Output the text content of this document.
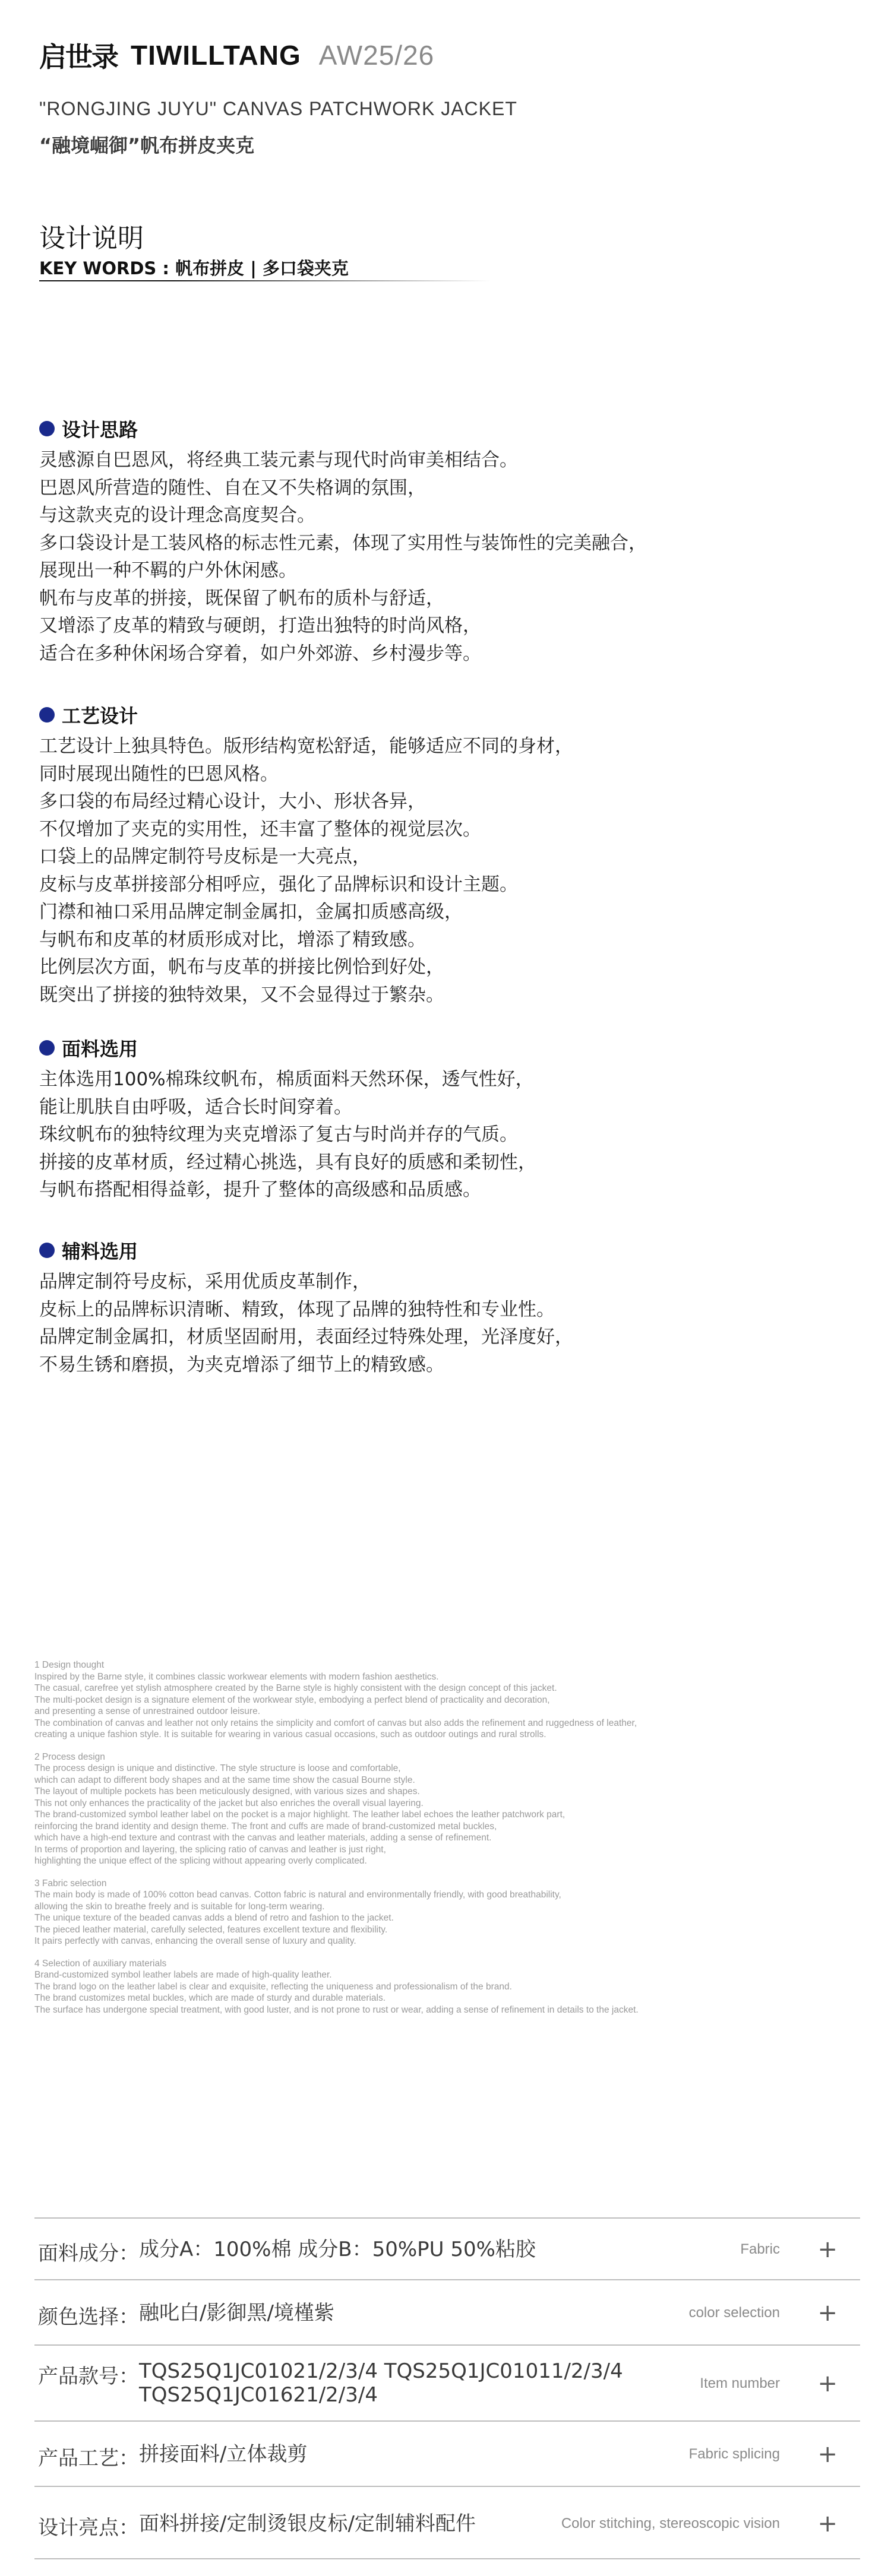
启世录 TIWILLTANG AW25/26
"RONGJING JUYU" CANVAS PATCHWORK JACKET
“融境崛御”帆布拼皮夹克
设计说明
KEY WORDS : 帆布拼皮 | 多口袋夹克
设计思路
灵感源自巴恩风，将经典工装元素与现代时尚审美相结合。
巴恩风所营造的随性、自在又不失格调的氛围，
与这款夹克的设计理念高度契合。
多口袋设计是工装风格的标志性元素，体现了实用性与装饰性的完美融合，
展现出一种不羁的户外休闲感。
帆布与皮革的拼接，既保留了帆布的质朴与舒适，
又增添了皮革的精致与硬朗，打造出独特的时尚风格，
适合在多种休闲场合穿着，如户外郊游、乡村漫步等。
工艺设计
工艺设计上独具特色。版形结构宽松舒适，能够适应不同的身材，
同时展现出随性的巴恩风格。
多口袋的布局经过精心设计，大小、形状各异，
不仅增加了夹克的实用性，还丰富了整体的视觉层次。
口袋上的品牌定制符号皮标是一大亮点，
皮标与皮革拼接部分相呼应，强化了品牌标识和设计主题。
门襟和袖口采用品牌定制金属扣，金属扣质感高级，
与帆布和皮革的材质形成对比，增添了精致感。
比例层次方面，帆布与皮革的拼接比例恰到好处，
既突出了拼接的独特效果，又不会显得过于繁杂。
面料选用
主体选用100%棉珠纹帆布，棉质面料天然环保，透气性好，
能让肌肤自由呼吸，适合长时间穿着。
珠纹帆布的独特纹理为夹克增添了复古与时尚并存的气质。
拼接的皮革材质，经过精心挑选，具有良好的质感和柔韧性，
与帆布搭配相得益彰，提升了整体的高级感和品质感。
辅料选用
品牌定制符号皮标，采用优质皮革制作，
皮标上的品牌标识清晰、精致，体现了品牌的独特性和专业性。
品牌定制金属扣，材质坚固耐用，表面经过特殊处理，光泽度好，
不易生锈和磨损，为夹克增添了细节上的精致感。
1 Design thought
Inspired by the Barne style, it combines classic workwear elements with modern fashion aesthetics.
The casual, carefree yet stylish atmosphere created by the Barne style is highly consistent with the design concept of this jacket.
The multi-pocket design is a signature element of the workwear style, embodying a perfect blend of practicality and decoration,
and presenting a sense of unrestrained outdoor leisure.
The combination of canvas and leather not only retains the simplicity and comfort of canvas but also adds the refinement and ruggedness of leather,
creating a unique fashion style. It is suitable for wearing in various casual occasions, such as outdoor outings and rural strolls.
2 Process design
The process design is unique and distinctive. The style structure is loose and comfortable,
which can adapt to different body shapes and at the same time show the casual Bourne style.
The layout of multiple pockets has been meticulously designed, with various sizes and shapes.
This not only enhances the practicality of the jacket but also enriches the overall visual layering.
The brand-customized symbol leather label on the pocket is a major highlight. The leather label echoes the leather patchwork part,
reinforcing the brand identity and design theme. The front and cuffs are made of brand-customized metal buckles,
which have a high-end texture and contrast with the canvas and leather materials, adding a sense of refinement.
In terms of proportion and layering, the splicing ratio of canvas and leather is just right,
highlighting the unique effect of the splicing without appearing overly complicated.
3 Fabric selection
The main body is made of 100% cotton bead canvas. Cotton fabric is natural and environmentally friendly, with good breathability,
allowing the skin to breathe freely and is suitable for long-term wearing.
The unique texture of the beaded canvas adds a blend of retro and fashion to the jacket.
The pieced leather material, carefully selected, features excellent texture and flexibility.
It pairs perfectly with canvas, enhancing the overall sense of luxury and quality.
4 Selection of auxiliary materials
Brand-customized symbol leather labels are made of high-quality leather.
The brand logo on the leather label is clear and exquisite, reflecting the uniqueness and professionalism of the brand.
The brand customizes metal buckles, which are made of sturdy and durable materials.
The surface has undergone special treatment, with good luster, and is not prone to rust or wear, adding a sense of refinement in details to the jacket.
面料成分： 成分A：100%棉 成分B：50%PU 50%粘胶	Fabric +
颜色选择： 融叱白/影御黑/境槿紫	color selection +
产品款号： TQS25Q1JC01021/2/3/4 TQS25Q1JC01011/2/3/4
TQS25Q1JC01621/2/3/4	Item number +
产品工艺： 拼接面料/立体裁剪	Fabric splicing +
设计亮点： 面料拼接/定制烫银皮标/定制辅料配件	Color stitching, stereoscopic vision +
